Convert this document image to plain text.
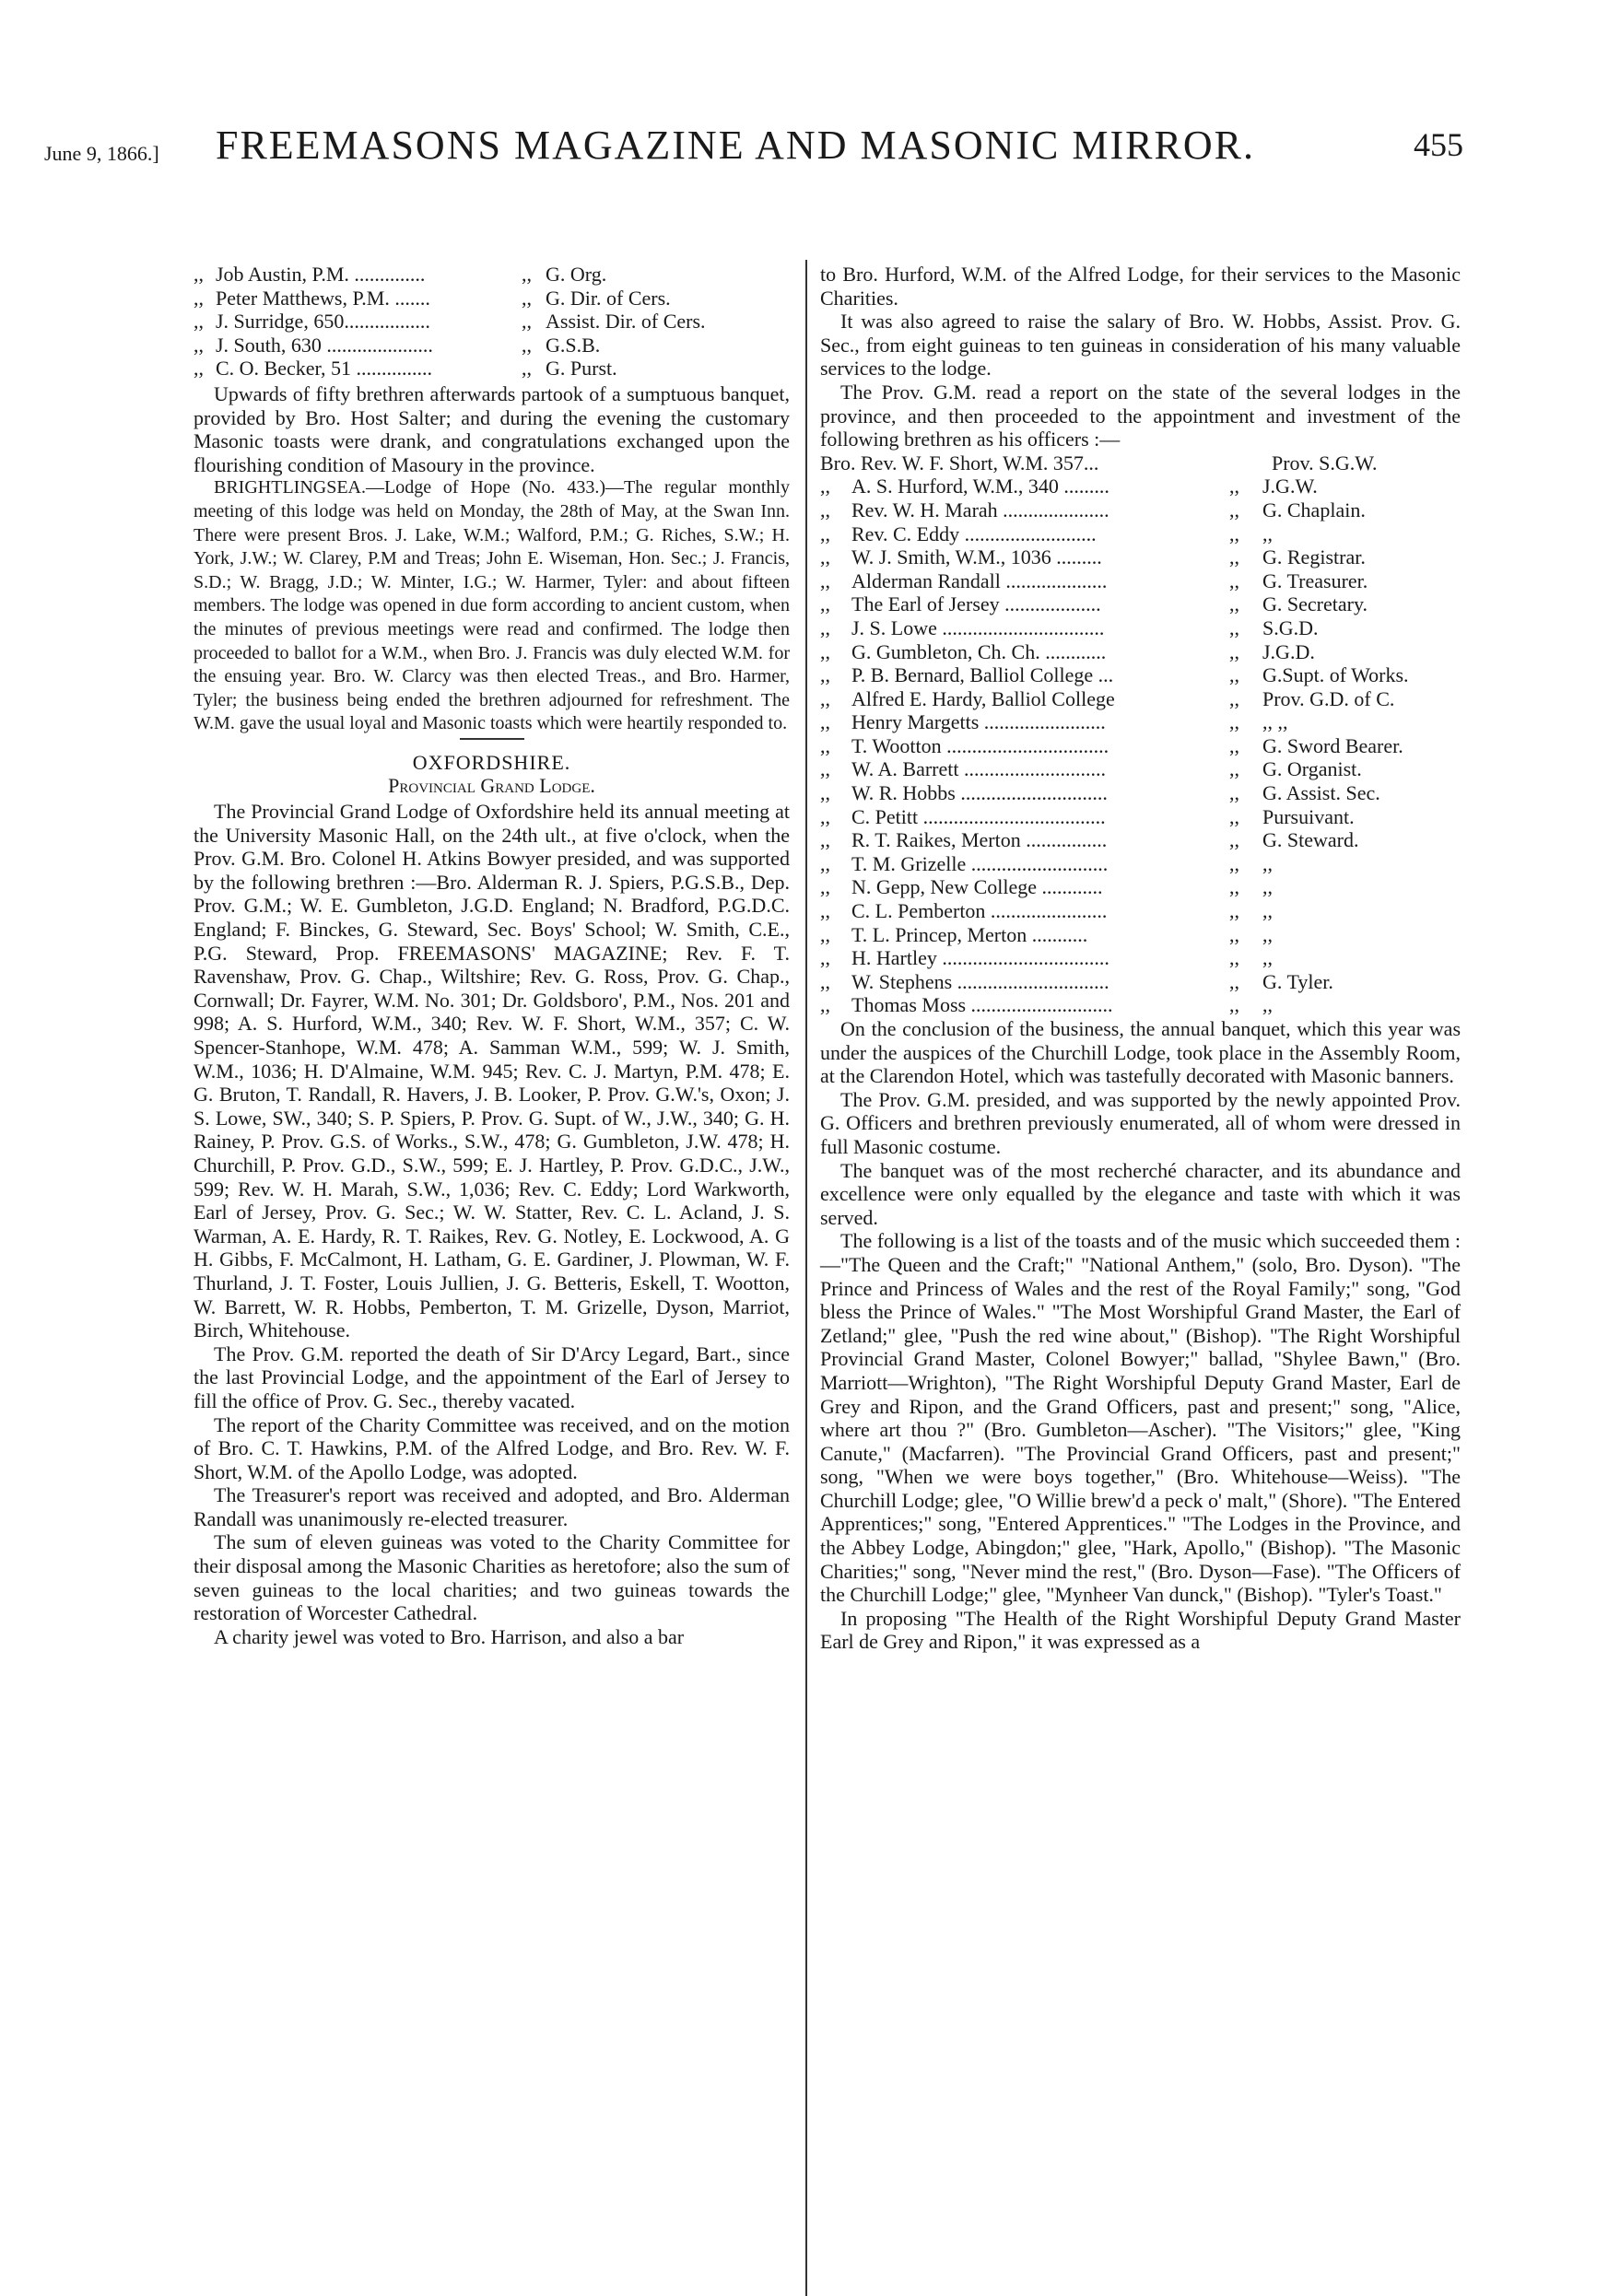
June 9, 1866.]	FREEMASONS MAGAZINE AND MASONIC MIRROR.	455
,, Job Austin, P.M. ..............	,, G. Org.
,, Peter Matthews, P.M. .......	,, G. Dir. of Cers.
,, J. Surridge, 650.................	,, Assist. Dir. of Cers.
,, J. South, 630 .....................	,, G.S.B.
,, C. O. Becker, 51 ...............	,, G. Purst.

Upwards of fifty brethren afterwards partook of a sumptuous banquet, provided by Bro. Host Salter; and during the evening the customary Masonic toasts were drank, and congratulations exchanged upon the flourishing condition of Masoury in the province.

BRIGHTLINGSEA.—Lodge of Hope (No. 433.)—The regular monthly meeting of this lodge was held on Monday, the 28th of May, at the Swan Inn. There were present Bros. J. Lake, W.M.; Walford, P.M.; G. Riches, S.W.; H. York, J.W.; W. Clarey, P.M and Treas; John E. Wiseman, Hon. Sec.; J. Francis, S.D.; W. Bragg, J.D.; W. Minter, I.G.; W. Harmer, Tyler: and about fifteen members. The lodge was opened in due form according to ancient custom, when the minutes of previous meetings were read and confirmed. The lodge then proceeded to ballot for a W.M., when Bro. J. Francis was duly elected W.M. for the ensuing year. Bro. W. Clarcy was then elected Treas., and Bro. Harmer, Tyler; the business being ended the brethren adjourned for refreshment. The W.M. gave the usual loyal and Masonic toasts which were heartily responded to.

OXFORDSHIRE.
Provincial Grand Lodge.

The Provincial Grand Lodge of Oxfordshire held its annual meeting at the University Masonic Hall, on the 24th ult., at five o'clock, when the Prov. G.M. Bro. Colonel H. Atkins Bowyer presided, and was supported by the following brethren :—Bro. Alderman R. J. Spiers, P.G.S.B., Dep. Prov. G.M.; W. E. Gumbleton, J.G.D. England; N. Bradford, P.G.D.C. England; F. Binckes, G. Steward, Sec. Boys' School; W. Smith, C.E., P.G. Steward, Prop. FREEMASONS' MAGAZINE; Rev. F. T. Ravenshaw, Prov. G. Chap., Wiltshire; Rev. G. Ross, Prov. G. Chap., Cornwall; Dr. Fayrer, W.M. No. 301; Dr. Goldsboro', P.M., Nos. 201 and 998; A. S. Hurford, W.M., 340; Rev. W. F. Short, W.M., 357; C. W. Spencer-Stanhope, W.M. 478; A. Samman W.M., 599; W. J. Smith, W.M., 1036; H. D'Almaine, W.M. 945; Rev. C. J. Martyn, P.M. 478; E. G. Bruton, T. Randall, R. Havers, J. B. Looker, P. Prov. G.W.'s, Oxon; J. S. Lowe, SW., 340; S. P. Spiers, P. Prov. G. Supt. of W., J.W., 340; G. H. Rainey, P. Prov. G.S. of Works., S.W., 478; G. Gumbleton, J.W. 478; H. Churchill, P. Prov. G.D., S.W., 599; E. J. Hartley, P. Prov. G.D.C., J.W., 599; Rev. W. H. Marah, S.W., 1,036; Rev. C. Eddy; Lord Warkworth, Earl of Jersey, Prov. G. Sec.; W. W. Statter, Rev. C. L. Acland, J. S. Warman, A. E. Hardy, R. T. Raikes, Rev. G. Notley, E. Lockwood, A. G H. Gibbs, F. McCalmont, H. Latham, G. E. Gardiner, J. Plowman, W. F. Thurland, J. T. Foster, Louis Jullien, J. G. Betteris, Eskell, T. Wootton, W. Barrett, W. R. Hobbs, Pemberton, T. M. Grizelle, Dyson, Marriot, Birch, Whitehouse.

The Prov. G.M. reported the death of Sir D'Arcy Legard, Bart., since the last Provincial Lodge, and the appointment of the Earl of Jersey to fill the office of Prov. G. Sec., thereby vacated.

The report of the Charity Committee was received, and on the motion of Bro. C. T. Hawkins, P.M. of the Alfred Lodge, and Bro. Rev. W. F. Short, W.M. of the Apollo Lodge, was adopted.

The Treasurer's report was received and adopted, and Bro. Alderman Randall was unanimously re-elected treasurer.

The sum of eleven guineas was voted to the Charity Committee for their disposal among the Masonic Charities as heretofore; also the sum of seven guineas to the local charities; and two guineas towards the restoration of Worcester Cathedral.

A charity jewel was voted to Bro. Harrison, and also a bar

to Bro. Hurford, W.M. of the Alfred Lodge, for their services to the Masonic Charities.

It was also agreed to raise the salary of Bro. W. Hobbs, Assist. Prov. G. Sec., from eight guineas to ten guineas in consideration of his many valuable services to the lodge.

The Prov. G.M. read a report on the state of the several lodges in the province, and then proceeded to the appointment and investment of the following brethren as his officers :—

Bro. Rev. W. F. Short, W.M. 357...	Prov. S.G.W.
,,	A. S. Hurford, W.M., 340 .........	,,	J.G.W.
,,	Rev. W. H. Marah .....................	,,	G. Chaplain.
,,	Rev. C. Eddy ..........................	,,	,,
,,	W. J. Smith, W.M., 1036 .........	,,	G. Registrar.
,,	Alderman Randall ....................	,,	G. Treasurer.
,,	The Earl of Jersey ...................	,,	G. Secretary.
,,	J. S. Lowe ................................	,,	S.G.D.
,,	G. Gumbleton, Ch. Ch. ............	,,	J.G.D.
,,	P. B. Bernard, Balliol College ...	,,	G.Supt. of Works.
,,	Alfred E. Hardy, Balliol College	,,	Prov. G.D. of C.
,,	Henry Margetts ........................	,,	,, ,,
,,	T. Wootton ................................	,,	G. Sword Bearer.
,,	W. A. Barrett ............................	,,	G. Organist.
,,	W. R. Hobbs .............................	,,	G. Assist. Sec.
,,	C. Petitt ....................................	,,	Pursuivant.
,,	R. T. Raikes, Merton ................	,,	G. Steward.
,,	T. M. Grizelle ...........................	,,	,,
,,	N. Gepp, New College ............	,,	,,
,,	C. L. Pemberton .......................	,,	,,
,,	T. L. Princep, Merton ...........	,,	,,
,,	H. Hartley .................................	,,	,,
,,	W. Stephens ..............................	,,	G. Tyler.
,,	Thomas Moss ............................	,,	,,

On the conclusion of the business, the annual banquet, which this year was under the auspices of the Churchill Lodge, took place in the Assembly Room, at the Clarendon Hotel, which was tastefully decorated with Masonic banners.

The Prov. G.M. presided, and was supported by the newly appointed Prov. G. Officers and brethren previously enumerated, all of whom were dressed in full Masonic costume.

The banquet was of the most recherché character, and its abundance and excellence were only equalled by the elegance and taste with which it was served.

The following is a list of the toasts and of the music which succeeded them :—"The Queen and the Craft;" "National Anthem," (solo, Bro. Dyson). "The Prince and Princess of Wales and the rest of the Royal Family;" song, "God bless the Prince of Wales." "The Most Worshipful Grand Master, the Earl of Zetland;" glee, "Push the red wine about," (Bishop). "The Right Worshipful Provincial Grand Master, Colonel Bowyer;" ballad, "Shylee Bawn," (Bro. Marriott—Wrighton), "The Right Worshipful Deputy Grand Master, Earl de Grey and Ripon, and the Grand Officers, past and present;" song, "Alice, where art thou ?" (Bro. Gumbleton—Ascher). "The Visitors;" glee, "King Canute," (Macfarren). "The Provincial Grand Officers, past and present;" song, "When we were boys together," (Bro. Whitehouse—Weiss). "The Churchill Lodge; glee, "O Willie brew'd a peck o' malt," (Shore). "The Entered Apprentices;" song, "Entered Apprentices." "The Lodges in the Province, and the Abbey Lodge, Abingdon;" glee, "Hark, Apollo," (Bishop). "The Masonic Charities;" song, "Never mind the rest," (Bro. Dyson—Fase). "The Officers of the Churchill Lodge;" glee, "Mynheer Van dunck," (Bishop). "Tyler's Toast."

In proposing "The Health of the Right Worshipful Deputy Grand Master Earl de Grey and Ripon," it was expressed as a
